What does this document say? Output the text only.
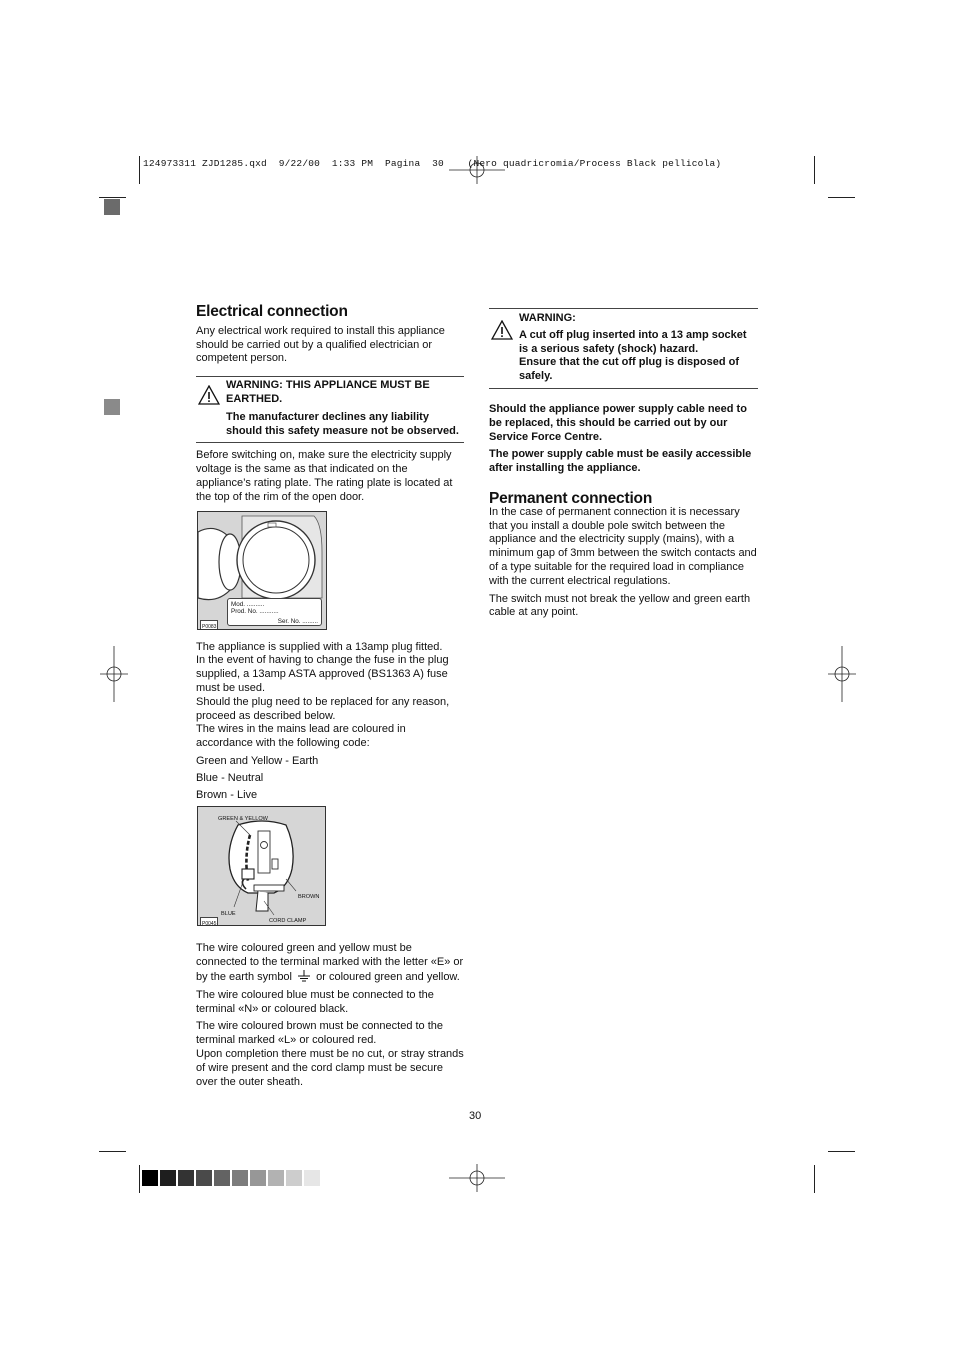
124973311 ZJD1285.qxd  9/22/00  1:33 PM  Pagina  30    (Nero quadricromia/Process Black pellicola)
Electrical connection

Any electrical work required to install this appliance should be carried out by a qualified electrician or competent person.

WARNING: THIS APPLIANCE MUST BE EARTHED.

The manufacturer declines any liability should this safety measure not be observed.

Before switching on, make sure the electricity supply voltage is the same as that indicated on the appliance’s rating plate. The rating plate is located at the top of the rim of the open door.

Mod. ..........
Prod. No. ...........
Ser. No. .........
P0083

The appliance is supplied with a 13amp plug fitted.

In the event of having to change the fuse in the plug supplied, a 13amp ASTA approved (BS1363 A) fuse must be used.

Should the plug need to be replaced for any reason, proceed as described below.

The wires in the mains lead are coloured in accordance with the following code:

Green and Yellow - Earth

Blue - Neutral

Brown - Live

GREEN & YELLOW
BROWN
BLUE
CORD CLAMP
P0045

The wire coloured green and yellow must be connected to the terminal marked with the letter «E» or by the earth symbol or coloured green and yellow.

The wire coloured blue must be connected to the terminal «N» or coloured black.

The wire coloured brown must be connected to the terminal marked «L» or coloured red.

Upon completion there must be no cut, or stray strands of wire present and the cord clamp must be secure over the outer sheath.

WARNING:

A cut off plug inserted into a 13 amp socket is a serious safety (shock) hazard.

Ensure that the cut off plug is disposed of safely.

Should the appliance power supply cable need to be replaced, this should be carried out by our Service Force Centre.

The power supply cable must be easily accessible after installing the appliance.

Permanent connection

In the case of permanent connection it is necessary that you install a double pole switch between the appliance and the electricity supply (mains), with a minimum gap of 3mm between the switch contacts and of a type suitable for the required load in compliance with the current electrical regulations.

The switch must not break the yellow and green earth cable at any point.

30
